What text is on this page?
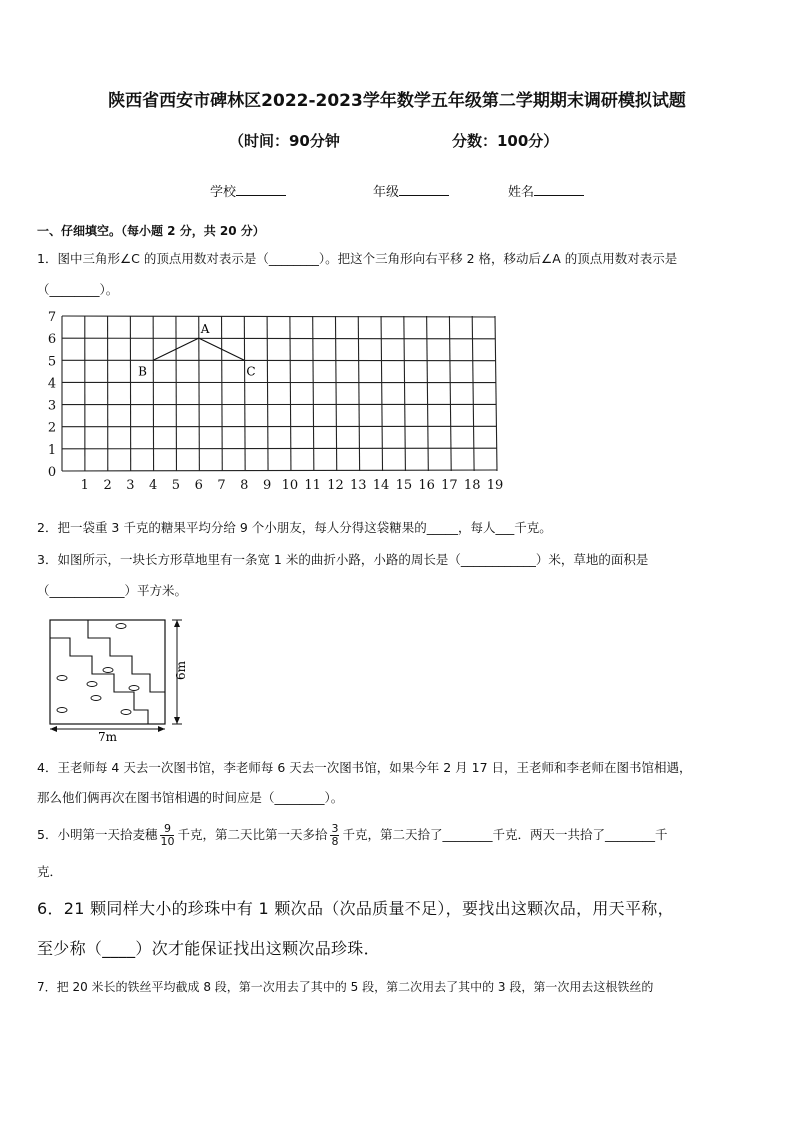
陕西省西安市碑林区2022-2023学年数学五年级第二学期期末调研模拟试题
（时间：90分钟	分数：100分）
学校	年级	姓名
一、仔细填空。（每小题 2 分，共 20 分）
1．图中三角形∠C 的顶点用数对表示是（________）。把这个三角形向右平移 2 格，移动后∠A 的顶点用数对表示是
（________）。
1 2 3 4 5 6 7 8 9 10 11 12 13 14 15 16 17 18 19
0
1
2
3
4
5
6
7
A
B	C
2．把一袋重 3 千克的糖果平均分给 9 个小朋友，每人分得这袋糖果的_____，每人___千克。
3．如图所示，一块长方形草地里有一条宽 1 米的曲折小路，小路的周长是（____________）米，草地的面积是
（____________）平方米。
6m
7m
4．王老师每 4 天去一次图书馆，李老师每 6 天去一次图书馆，如果今年 2 月 17 日，王老师和李老师在图书馆相遇，
那么他们俩再次在图书馆相遇的时间应是（________）。
5．小明第一天拾麦穗 $\frac{9}{10}$ 千克，第二天比第一天多拾 $\frac{3}{8}$ 千克，第二天拾了________千克．两天一共拾了________千
克．
6．21 颗同样大小的珍珠中有 1 颗次品（次品质量不足），要找出这颗次品，用天平称，
至少称（____）次才能保证找出这颗次品珍珠．
7．把 20 米长的铁丝平均截成 8 段，第一次用去了其中的 5 段，第二次用去了其中的 3 段，第一次用去这根铁丝的
